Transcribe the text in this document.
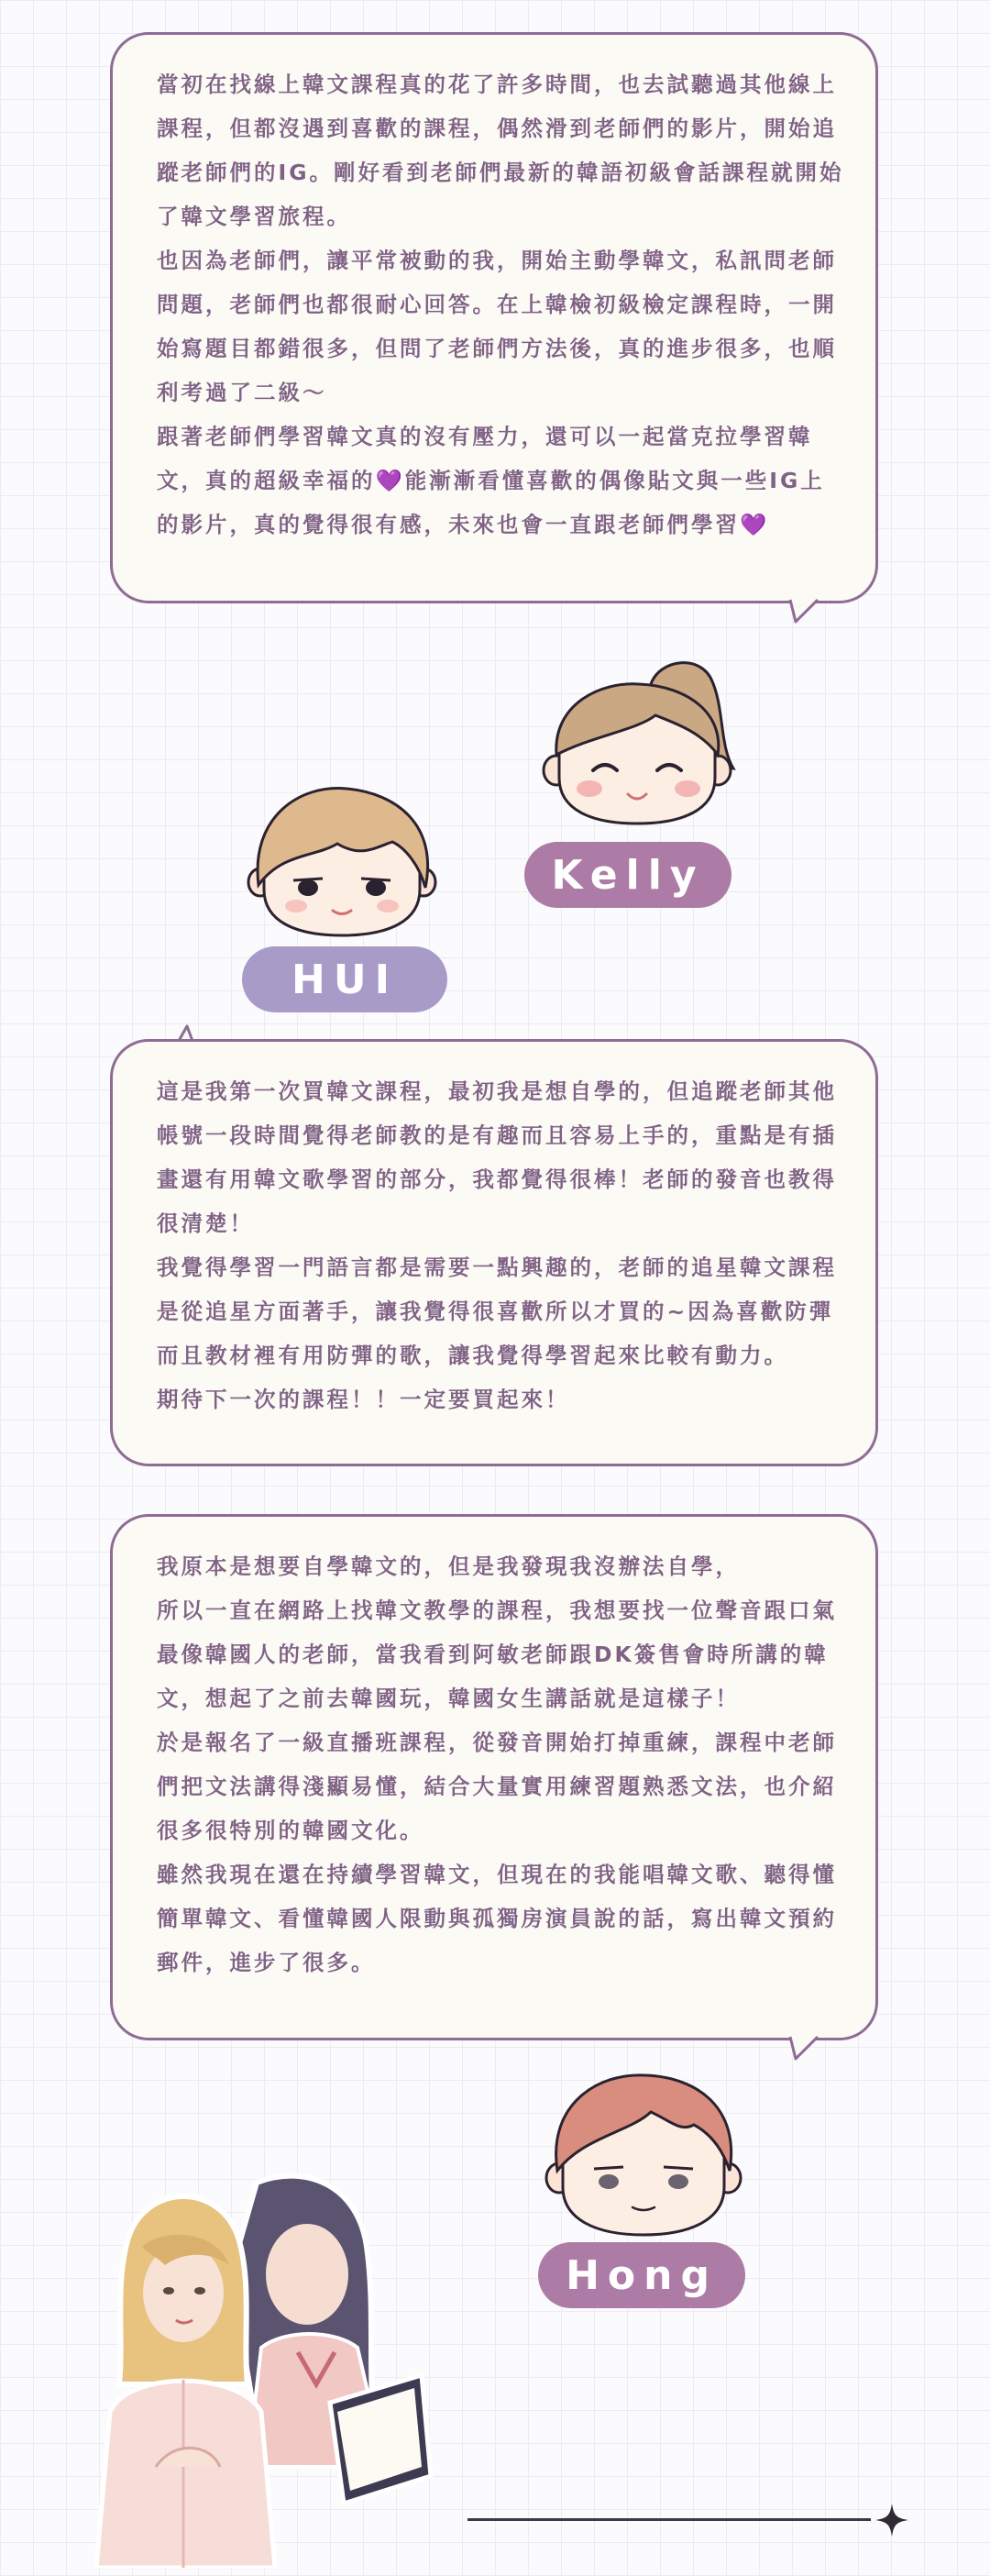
當初在找線上韓文課程真的花了許多時間，也去試聽過其他線上課程，但都沒遇到喜歡的課程，偶然滑到老師們的影片，開始追蹤老師們的IG。剛好看到老師們最新的韓語初級會話課程就開始了韓文學習旅程。
也因為老師們，讓平常被動的我，開始主動學韓文，私訊問老師問題，老師們也都很耐心回答。在上韓檢初級檢定課程時，一開始寫題目都錯很多，但問了老師們方法後，真的進步很多，也順利考過了二級～
跟著老師們學習韓文真的沒有壓力，還可以一起當克拉學習韓文，真的超級幸福的💜能漸漸看懂喜歡的偶像貼文與一些IG上的影片，真的覺得很有感，未來也會一直跟老師們學習💜
Kelly
HUI
這是我第一次買韓文課程，最初我是想自學的，但追蹤老師其他帳號一段時間覺得老師教的是有趣而且容易上手的，重點是有插畫還有用韓文歌學習的部分，我都覺得很棒！老師的發音也教得很清楚！
我覺得學習一門語言都是需要一點興趣的，老師的追星韓文課程是從追星方面著手，讓我覺得很喜歡所以才買的~因為喜歡防彈而且教材裡有用防彈的歌，讓我覺得學習起來比較有動力。
期待下一次的課程！！一定要買起來！
我原本是想要自學韓文的，但是我發現我沒辦法自學，
所以一直在網路上找韓文教學的課程，我想要找一位聲音跟口氣最像韓國人的老師，當我看到阿敏老師跟DK簽售會時所講的韓文，想起了之前去韓國玩，韓國女生講話就是這樣子！
於是報名了一級直播班課程，從發音開始打掉重練，課程中老師們把文法講得淺顯易懂，結合大量實用練習題熟悉文法，也介紹很多很特別的韓國文化。
雖然我現在還在持續學習韓文，但現在的我能唱韓文歌、聽得懂簡單韓文、看懂韓國人限動與孤獨房演員說的話，寫出韓文預約郵件，進步了很多。
Hong
